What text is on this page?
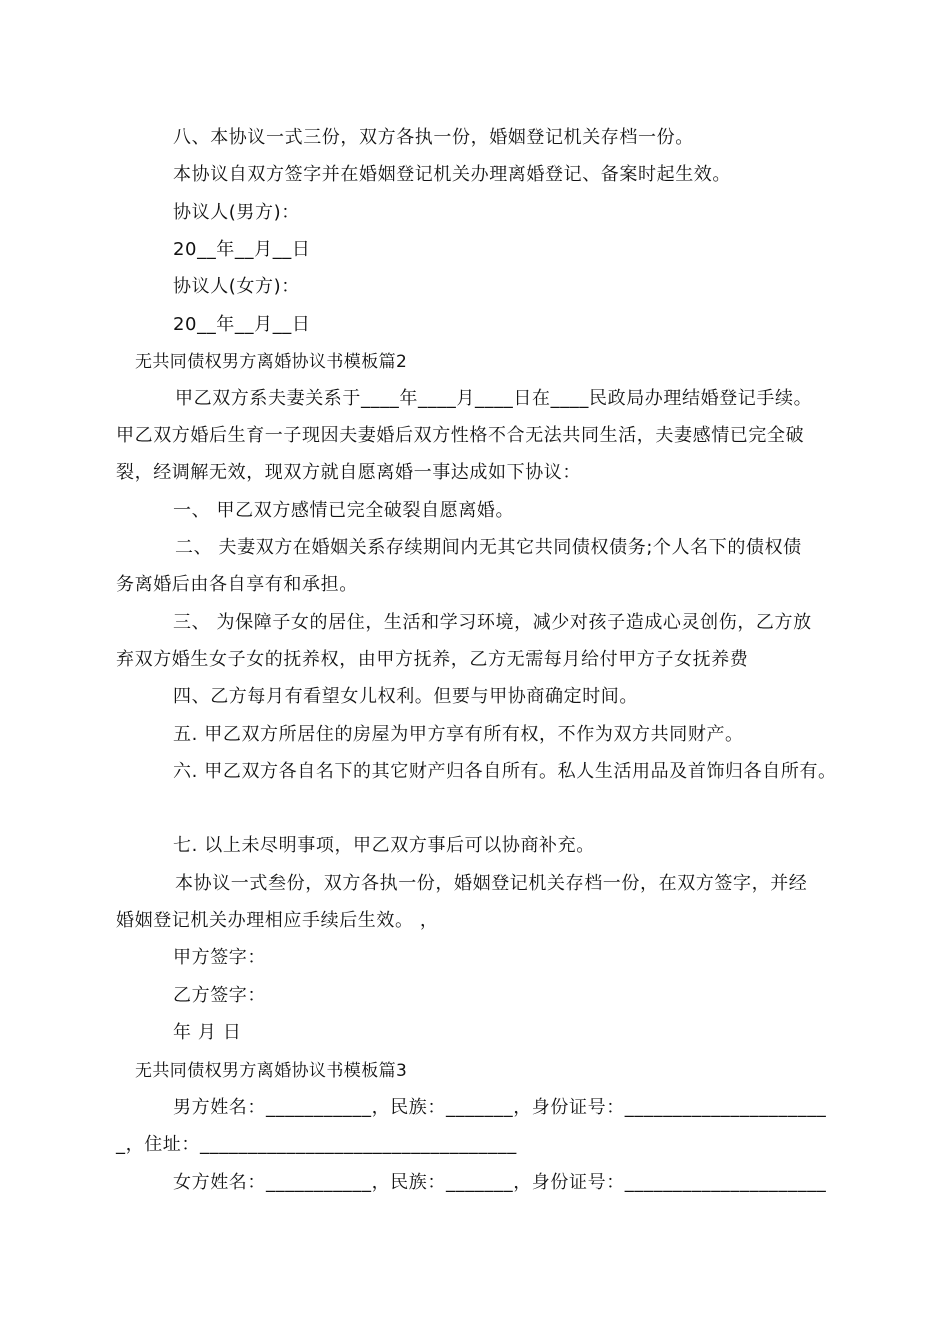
八、本协议一式三份，双方各执一份，婚姻登记机关存档一份。
本协议自双方签字并在婚姻登记机关办理离婚登记、备案时起生效。
协议人(男方)：
20__年__月__日
协议人(女方)：
20__年__月__日
无共同债权男方离婚协议书模板篇2
甲乙双方系夫妻关系于____年____月____日在____民政局办理结婚登记手续。
甲乙双方婚后生育一子现因夫妻婚后双方性格不合无法共同生活，夫妻感情已完全破
裂，经调解无效，现双方就自愿离婚一事达成如下协议：
一、 甲乙双方感情已完全破裂自愿离婚。
二、 夫妻双方在婚姻关系存续期间内无其它共同债权债务;个人名下的债权债
务离婚后由各自享有和承担。
三、 为保障子女的居住，生活和学习环境，减少对孩子造成心灵创伤，乙方放
弃双方婚生女子女的抚养权，由甲方抚养，乙方无需每月给付甲方子女抚养费
四、乙方每月有看望女儿权利。但要与甲协商确定时间。
五. 甲乙双方所居住的房屋为甲方享有所有权，不作为双方共同财产。
六. 甲乙双方各自名下的其它财产归各自所有。私人生活用品及首饰归各自所有。
七. 以上未尽明事项，甲乙双方事后可以协商补充。
本协议一式叁份，双方各执一份，婚姻登记机关存档一份，在双方签字，并经
婚姻登记机关办理相应手续后生效。 ，
甲方签字：
乙方签字：
年 月 日
无共同债权男方离婚协议书模板篇3
男方姓名：___________，民族：_______，身份证号：_____________________
_，住址：_________________________________
女方姓名：___________，民族：_______，身份证号：_____________________
